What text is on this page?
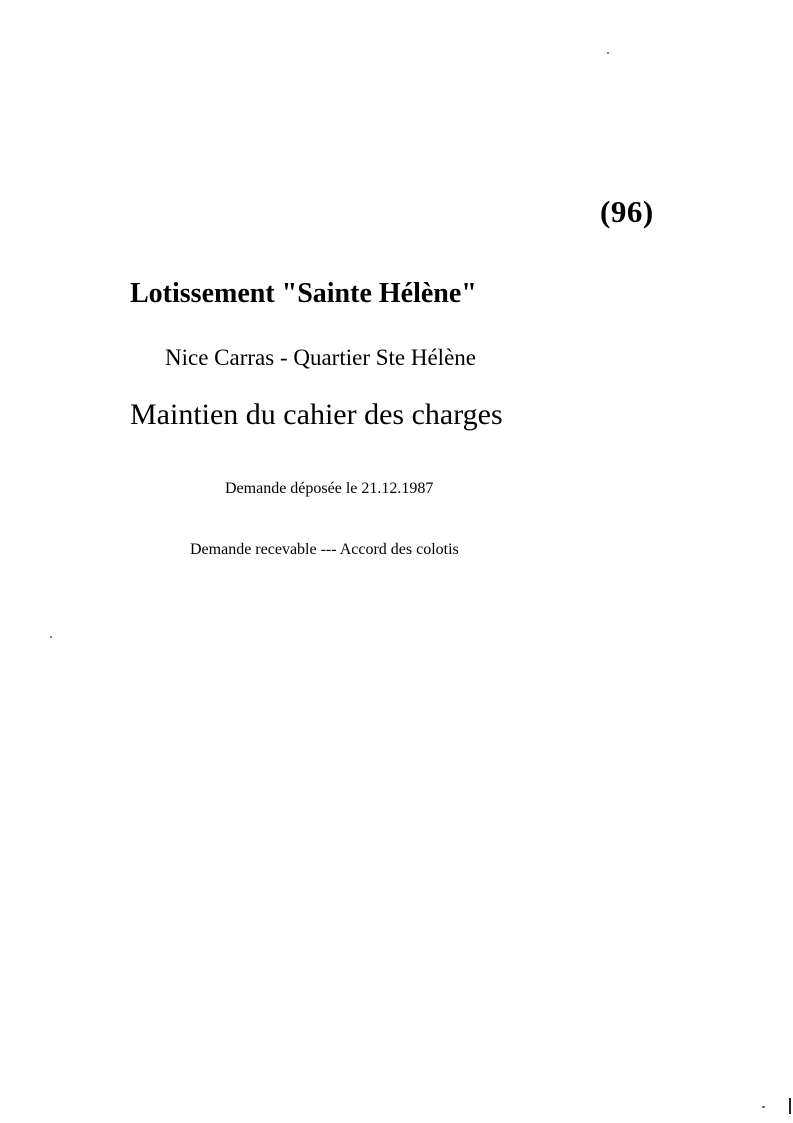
(96)
Lotissement "Sainte Hélène"
Nice Carras - Quartier Ste Hélène
Maintien du cahier des charges
Demande déposée le 21.12.1987
Demande recevable --- Accord des colotis
